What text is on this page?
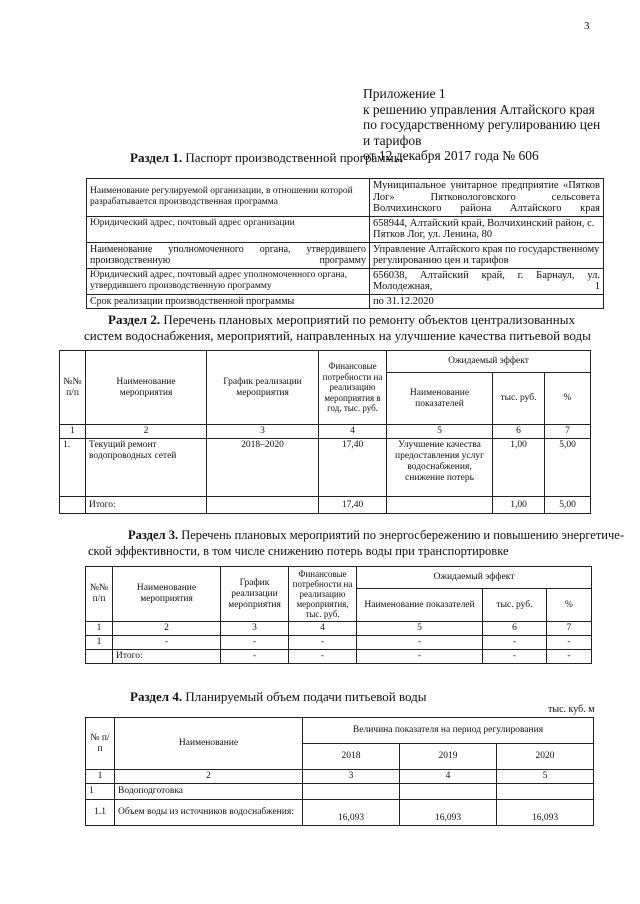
3
Приложение 1
к решению управления Алтайского края
по государственному регулированию цен
и тарифов
от 12 декабря 2017 года № 606
Раздел 1. Паспорт производственной программы
Наименование регулируемой организации, в отношении которой разрабатывается производственная программа	Муниципальное унитарное предприятие «Пятков Лог» Пятковологовского сельсовета Волчихинского района Алтайского края
Юридический адрес, почтовый адрес организации	658944, Алтайский край, Волчихинский район, с. Пятков Лог, ул. Ленина, 80
Наименование уполномоченного органа, утвердившего производственную программу	Управление Алтайского края по государственному регулированию цен и тарифов
Юридический адрес, почтовый адрес уполномоченного органа, утвердившего производственную программу	656038, Алтайский край, г. Барнаул, ул. Молодежная, 1
Срок реализации производственной программы	по 31.12.2020
Раздел 2. Перечень плановых мероприятий по ремонту объектов централизованных
систем водоснабжения, мероприятий, направленных на улучшение качества питьевой воды
№№ п/п	Наименование мероприятия	График реализации мероприятия	Финансовые потребности на реализацию мероприятия в год, тыс. руб.	Ожидаемый эффект		
				Наименование показателей	тыс. руб.	%
1	2	3	4	5	6	7
1.	Текущий ремонт водопроводных сетей	2018–2020	17,40	Улучшение качества предоставления услуг водоснабжения, снижение потерь	1,00	5,00
	Итого:		17,40		1,00	5,00
Раздел 3. Перечень плановых мероприятий по энергосбережению и повышению энергетиче-
ской эффективности, в том числе снижению потерь воды при транспортировке
№№ п/п	Наименование мероприятия	График реализации мероприятия	Финансовые потребности на реализацию мероприятия, тыс. руб.	Ожидаемый эффект		
				Наименование показателей	тыс. руб.	%
1	2	3	4	5	6	7
1	-	-	-	-	-	-
	Итого:	-	-	-	-	-
Раздел 4. Планируемый объем подачи питьевой воды
тыс. куб. м
№ п/п	Наименование	Величина показателя на период регулирования		
		2018	2019	2020
1	2	3	4	5
1	Водоподготовка			
1.1	Объем воды из источников водоснабжения:	16,093	16,093	16,093
